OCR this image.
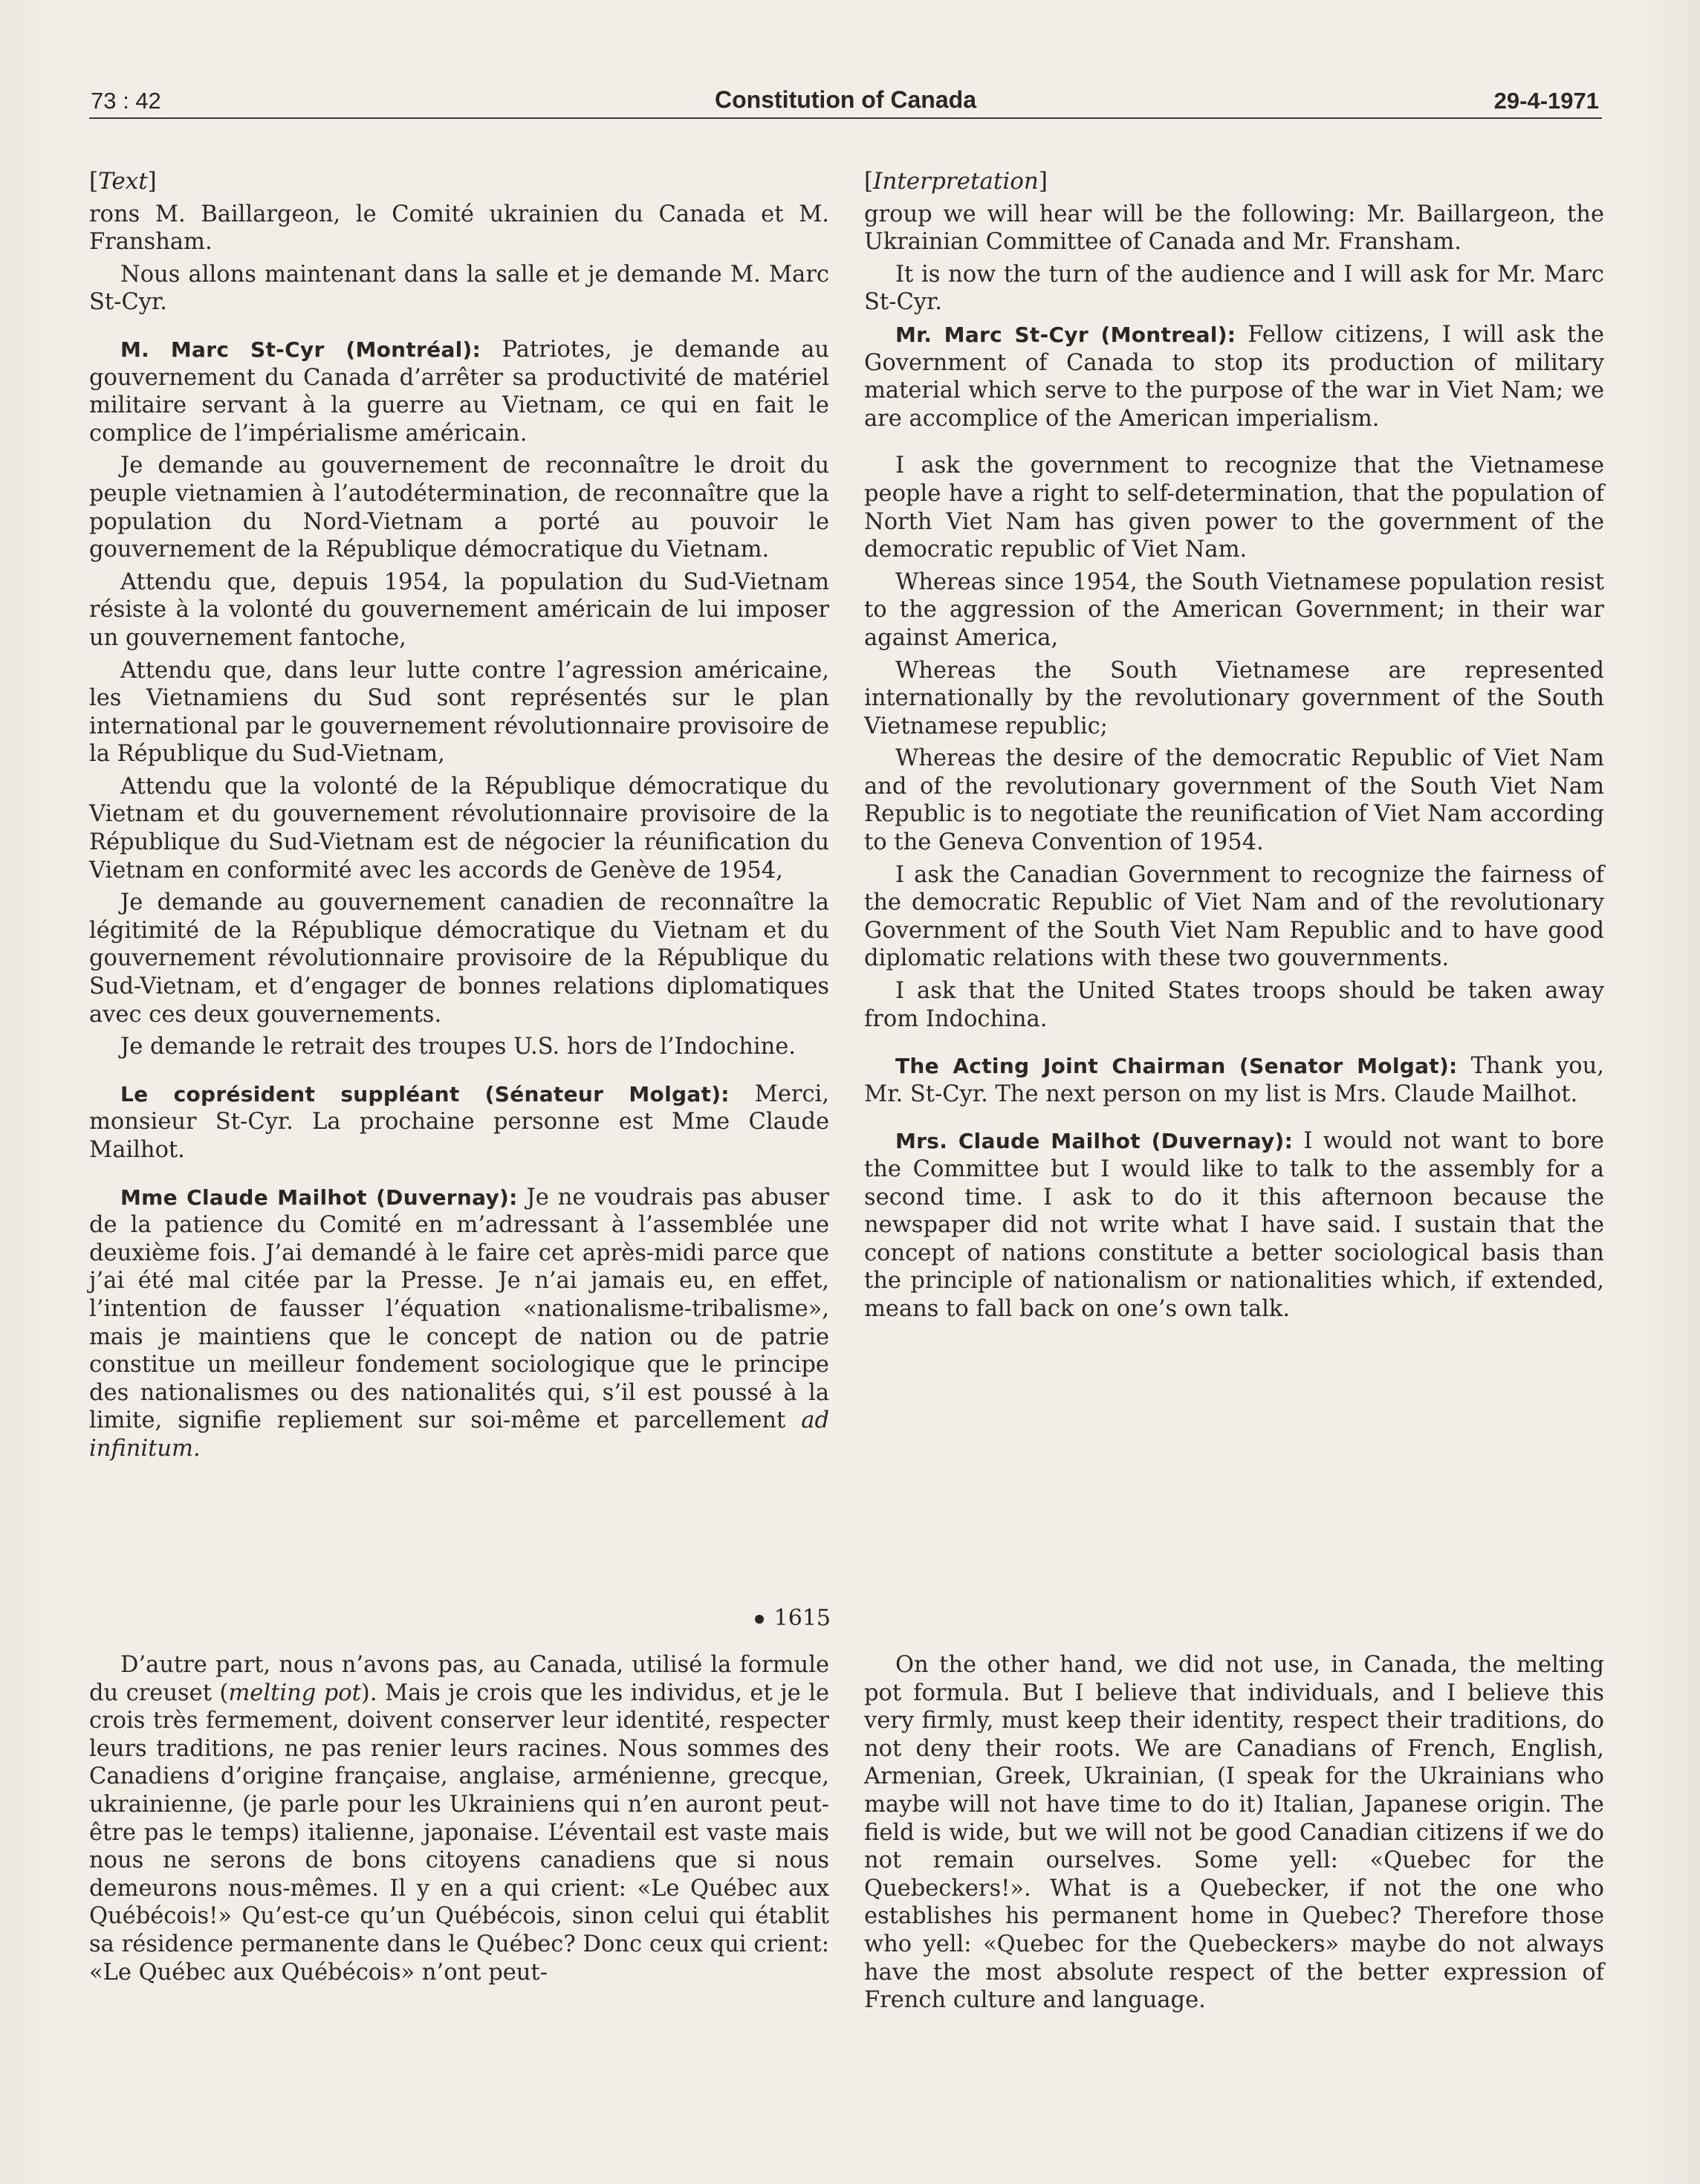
73 : 42	Constitution of Canada	29-4-1971

[ Text ]

rons M. Baillargeon, le Comité ukrainien du Canada et M. Fransham.

Nous allons maintenant dans la salle et je demande M. Marc St-Cyr.

M. Marc St-Cyr (Montréal): Patriotes, je demande au gouvernement du Canada d’arrêter sa productivité de matériel militaire servant à la guerre au Vietnam, ce qui en fait le complice de l’impérialisme américain.

Je demande au gouvernement de reconnaître le droit du peuple vietnamien à l’autodétermination, de reconnaître que la population du Nord-Vietnam a porté au pouvoir le gouvernement de la République démocratique du Vietnam.

Attendu que, depuis 1954, la population du Sud-Vietnam résiste à la volonté du gouvernement américain de lui imposer un gouvernement fantoche,

Attendu que, dans leur lutte contre l’agression américaine, les Vietnamiens du Sud sont représentés sur le plan international par le gouvernement révolutionnaire provisoire de la République du Sud-Vietnam,

Attendu que la volonté de la République démocratique du Vietnam et du gouvernement révolutionnaire provisoire de la République du Sud-Vietnam est de négocier la réunification du Vietnam en conformité avec les accords de Genève de 1954,

Je demande au gouvernement canadien de reconnaître la légitimité de la République démocratique du Vietnam et du gouvernement révolutionnaire provisoire de la République du Sud-Vietnam, et d’engager de bonnes relations diplomatiques avec ces deux gouvernements.

Je demande le retrait des troupes U.S. hors de l’Indochine.

Le coprésident suppléant (Sénateur Molgat): Merci, monsieur St-Cyr. La prochaine personne est Mme Claude Mailhot.

Mme Claude Mailhot (Duvernay): Je ne voudrais pas abuser de la patience du Comité en m’adressant à l’assemblée une deuxième fois. J’ai demandé à le faire cet après-midi parce que j’ai été mal citée par la Presse. Je n’ai jamais eu, en effet, l’intention de fausser l’équation «nationalisme-tribalisme», mais je maintiens que le concept de nation ou de patrie constitue un meilleur fondement sociologique que le principe des nationalismes ou des nationalités qui, s’il est poussé à la limite, signifie repliement sur soi-même et parcellement ad infinitum.

1615

D’autre part, nous n’avons pas, au Canada, utilisé la formule du creuset (melting pot). Mais je crois que les individus, et je le crois très fermement, doivent conserver leur identité, respecter leurs traditions, ne pas renier leurs racines. Nous sommes des Canadiens d’origine française, anglaise, arménienne, grecque, ukrainienne, (je parle pour les Ukrainiens qui n’en auront peut-être pas le temps) italienne, japonaise. L’éventail est vaste mais nous ne serons de bons citoyens canadiens que si nous demeurons nous-mêmes. Il y en a qui crient: «Le Québec aux Québécois!» Qu’est-ce qu’un Québécois, sinon celui qui établit sa résidence permanente dans le Québec? Donc ceux qui crient: «Le Québec aux Québécois» n’ont peut-

[ Interpretation ]

group we will hear will be the following: Mr. Baillargeon, the Ukrainian Committee of Canada and Mr. Fransham.

It is now the turn of the audience and I will ask for Mr. Marc St-Cyr.

Mr. Marc St-Cyr (Montreal): Fellow citizens, I will ask the Government of Canada to stop its production of military material which serve to the purpose of the war in Viet Nam; we are accomplice of the American imperialism.

I ask the government to recognize that the Vietnamese people have a right to self-determination, that the population of North Viet Nam has given power to the government of the democratic republic of Viet Nam.

Whereas since 1954, the South Vietnamese population resist to the aggression of the American Government; in their war against America,

Whereas the South Vietnamese are represented internationally by the revolutionary government of the South Vietnamese republic;

Whereas the desire of the democratic Republic of Viet Nam and of the revolutionary government of the South Viet Nam Republic is to negotiate the reunification of Viet Nam according to the Geneva Convention of 1954.

I ask the Canadian Government to recognize the fairness of the democratic Republic of Viet Nam and of the revolutionary Government of the South Viet Nam Republic and to have good diplomatic relations with these two gouvernments.

I ask that the United States troops should be taken away from Indochina.

The Acting Joint Chairman (Senator Molgat): Thank you, Mr. St-Cyr. The next person on my list is Mrs. Claude Mailhot.

Mrs. Claude Mailhot (Duvernay): I would not want to bore the Committee but I would like to talk to the assembly for a second time. I ask to do it this afternoon because the newspaper did not write what I have said. I sustain that the concept of nations constitute a better sociological basis than the principle of nationalism or nationalities which, if extended, means to fall back on one’s own talk.

On the other hand, we did not use, in Canada, the melting pot formula. But I believe that individuals, and I believe this very firmly, must keep their identity, respect their traditions, do not deny their roots. We are Canadians of French, English, Armenian, Greek, Ukrainian, (I speak for the Ukrainians who maybe will not have time to do it) Italian, Japanese origin. The field is wide, but we will not be good Canadian citizens if we do not remain ourselves. Some yell: «Quebec for the Quebeckers!». What is a Quebecker, if not the one who establishes his permanent home in Quebec? Therefore those who yell: «Quebec for the Quebeckers» maybe do not always have the most absolute respect of the better expression of French culture and language.
